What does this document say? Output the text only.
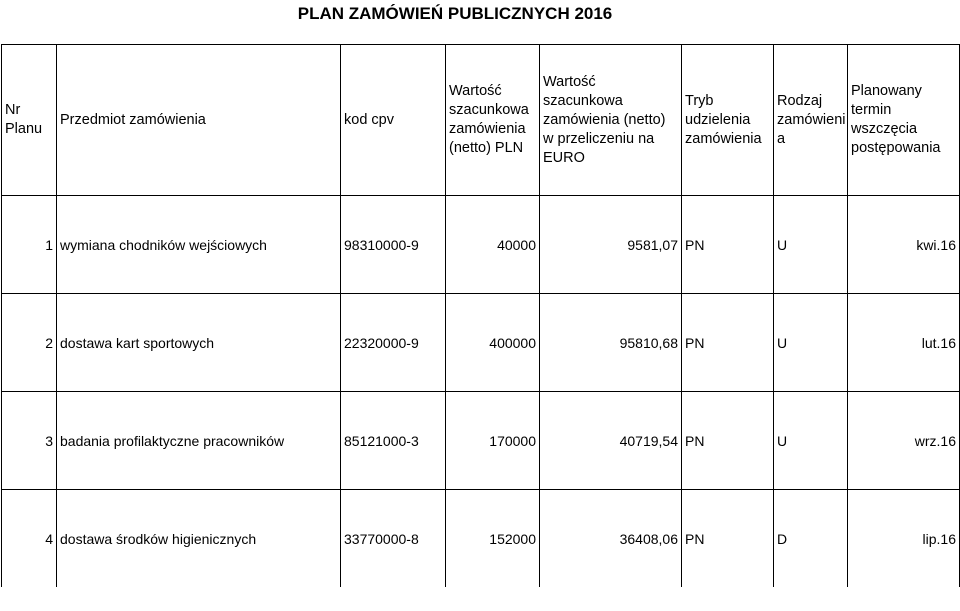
PLAN ZAMÓWIEŃ PUBLICZNYCH 2016
Nr Planu	Przedmiot zamówienia	kod cpv	Wartość szacunkowa zamówienia (netto) PLN	Wartość szacunkowa zamówienia (netto) w przeliczeniu na EURO	Tryb udzielenia zamówienia	Rodzaj zamówieni a	Planowany termin wszczęcia postępowania
1	wymiana chodników wejściowych	98310000-9	40000	9581,07	PN	U	kwi.16
2	dostawa kart sportowych	22320000-9	400000	95810,68	PN	U	lut.16
3	badania profilaktyczne pracowników	85121000-3	170000	40719,54	PN	U	wrz.16
4	dostawa środków higienicznych	33770000-8	152000	36408,06	PN	D	lip.16
